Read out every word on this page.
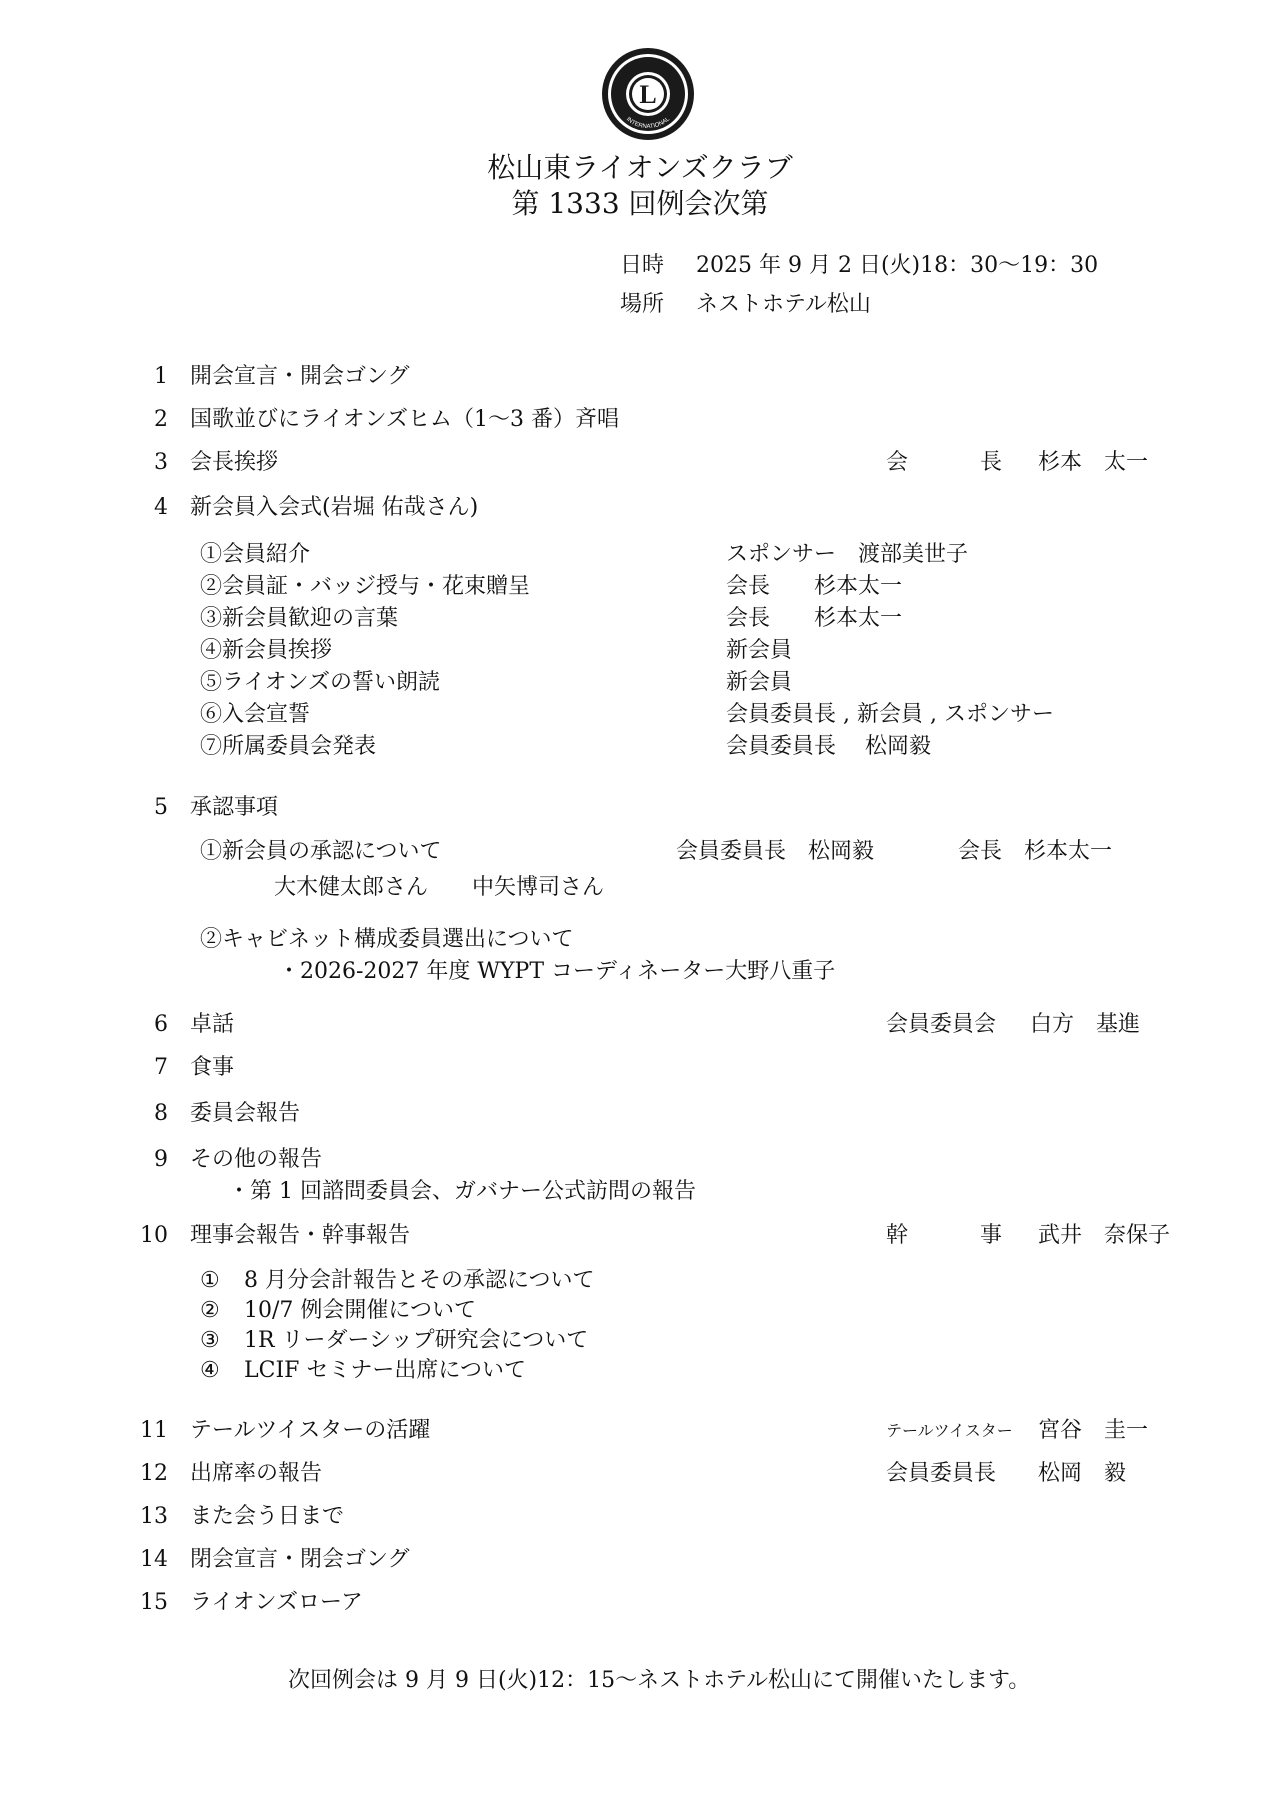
L
INTERNATIONAL
松山東ライオンズクラブ
第 1333 回例会次第
日時 2025 年 9 月 2 日(火)18：30～19：30
場所 ネストホテル松山
1 開会宣言・開会ゴング
2 国歌並びにライオンズヒム（1～3 番）斉唱
3 会長挨拶	会	長 杉本　太一
4 新会員入会式(岩堀 佑哉さん)
①会員紹介	スポンサー　渡部美世子
②会員証・バッジ授与・花束贈呈	会長　　杉本太一
③新会員歓迎の言葉	会長　　杉本太一
④新会員挨拶	新会員
⑤ライオンズの誓い朗読	新会員
⑥入会宣誓	会員委員長 , 新会員 , スポンサー
⑦所属委員会発表	会員委員長　 松岡毅
5 承認事項
①新会員の承認について	会員委員長　松岡毅	会長　杉本太一
大木健太郎さん　　中矢博司さん
②キャビネット構成委員選出について
・2026-2027 年度 WYPT コーディネーター大野八重子
6 卓話	会員委員会 白方　基進
7 食事
8 委員会報告
9 その他の報告
・第 1 回諮問委員会、ガバナー公式訪問の報告
10 理事会報告・幹事報告	幹	事 武井　奈保子
① 8 月分会計報告とその承認について
② 10/7 例会開催について
③ 1R リーダーシップ研究会について
④ LCIF セミナー出席について
11 テールツイスターの活躍	テールツイスター 宮谷　圭一
12 出席率の報告	会員委員長 松岡　毅
13 また会う日まで
14 閉会宣言・閉会ゴング
15 ライオンズローア
次回例会は 9 月 9 日(火)12：15～ネストホテル松山にて開催いたします。
